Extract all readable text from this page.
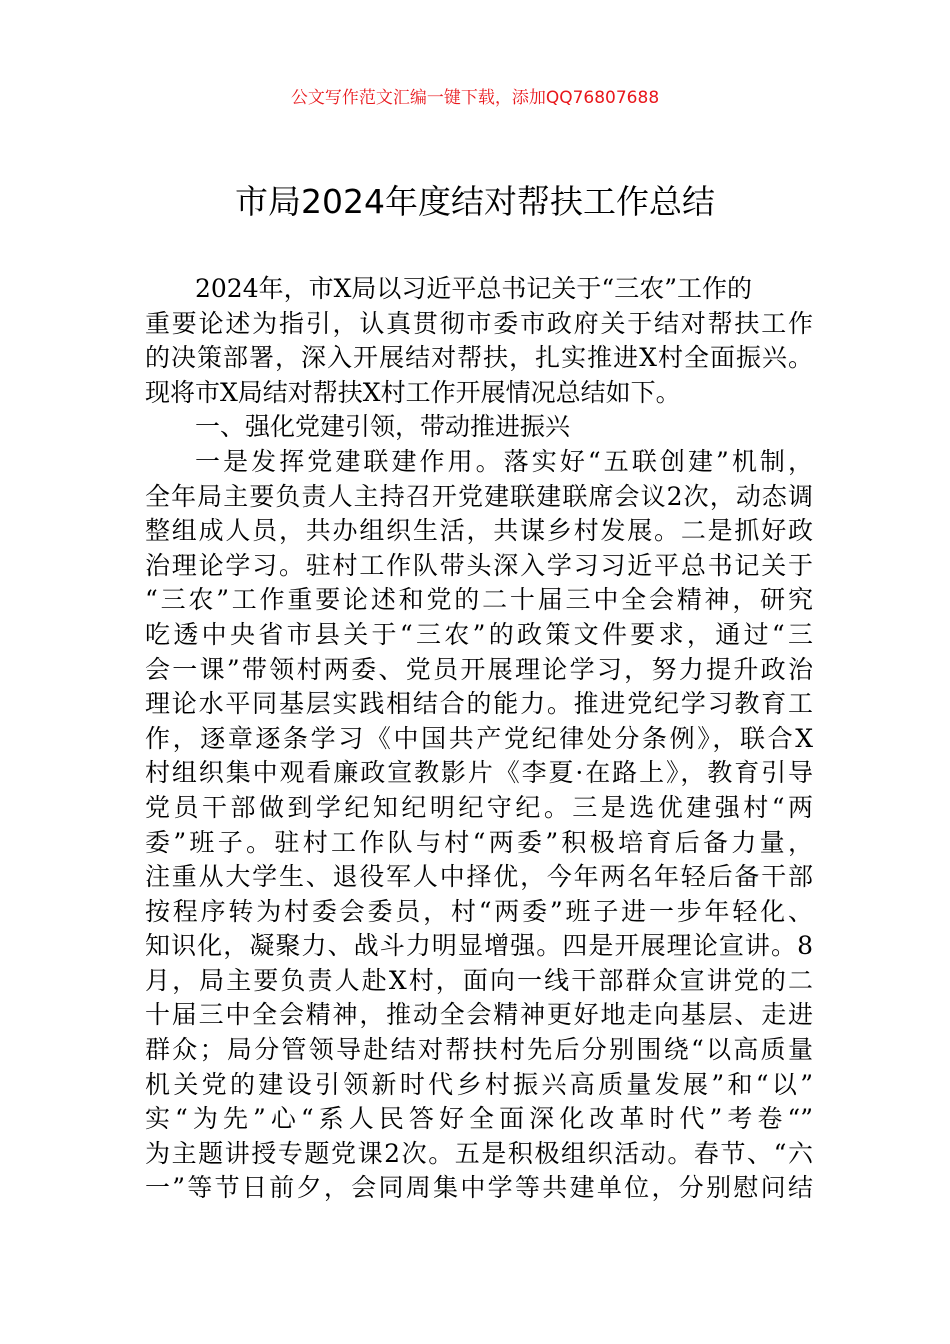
公文写作范文汇编一键下载，添加QQ76807688
市局2024年度结对帮扶工作总结
2024年，市X局以习近平总书记关于“三农”工作的
重要论述为指引，认真贯彻市委市政府关于结对帮扶工作
的决策部署，深入开展结对帮扶，扎实推进X村全面振兴。
现将市X局结对帮扶X村工作开展情况总结如下。
一、强化党建引领，带动推进振兴
一是发挥党建联建作用。落实好“五联创建”机制，
全年局主要负责人主持召开党建联建联席会议2次，动态调
整组成人员，共办组织生活，共谋乡村发展。二是抓好政
治理论学习。驻村工作队带头深入学习习近平总书记关于
“三农”工作重要论述和党的二十届三中全会精神，研究
吃透中央省市县关于“三农”的政策文件要求，通过“三
会一课”带领村两委、党员开展理论学习，努力提升政治
理论水平同基层实践相结合的能力。推进党纪学习教育工
作，逐章逐条学习《中国共产党纪律处分条例》，联合X
村组织集中观看廉政宣教影片《李夏·在路上》，教育引导
党员干部做到学纪知纪明纪守纪。三是选优建强村“两
委”班子。驻村工作队与村“两委”积极培育后备力量，
注重从大学生、退役军人中择优，今年两名年轻后备干部
按程序转为村委会委员，村“两委”班子进一步年轻化、
知识化，凝聚力、战斗力明显增强。四是开展理论宣讲。8
月，局主要负责人赴X村，面向一线干部群众宣讲党的二
十届三中全会精神，推动全会精神更好地走向基层、走进
群众；局分管领导赴结对帮扶村先后分别围绕“以高质量
机关党的建设引领新时代乡村振兴高质量发展”和“以”
实“为先”心“系人民答好全面深化改革时代”考卷“”
为主题讲授专题党课2次。五是积极组织活动。春节、“六
一”等节日前夕，会同周集中学等共建单位，分别慰问结
